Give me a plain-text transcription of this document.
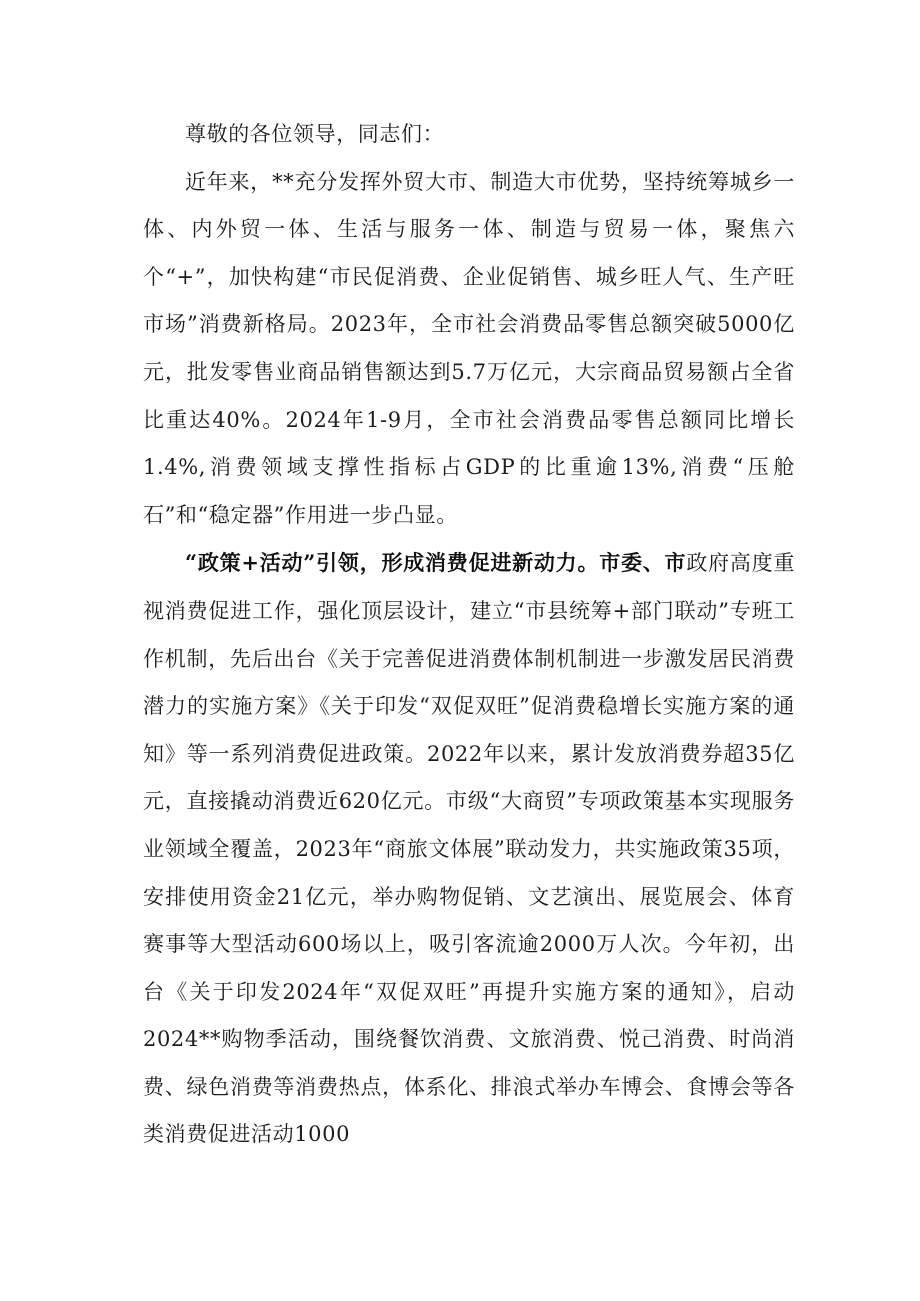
尊敬的各位领导，同志们：

近年来，**充分发挥外贸大市、制造大市优势，坚持统筹城乡一体、内外贸一体、生活与服务一体、制造与贸易一体，聚焦六个“+”，加快构建“市民促消费、企业促销售、城乡旺人气、生产旺市场”消费新格局。2023年，全市社会消费品零售总额突破5000亿元，批发零售业商品销售额达到5.7万亿元，大宗商品贸易额占全省比重达40%。2024年1-9月，全市社会消费品零售总额同比增长1.4%,消费领域支撑性指标占GDP的比重逾13%,消费“压舱石”和“稳定器”作用进一步凸显。

“政策+活动”引领，形成消费促进新动力。市委、市政府高度重视消费促进工作，强化顶层设计，建立“市县统筹+部门联动”专班工作机制，先后出台《关于完善促进消费体制机制进一步激发居民消费潜力的实施方案》《关于印发“双促双旺”促消费稳增长实施方案的通知》等一系列消费促进政策。2022年以来，累计发放消费券超35亿元，直接撬动消费近620亿元。市级“大商贸”专项政策基本实现服务业领域全覆盖，2023年“商旅文体展”联动发力，共实施政策35项，安排使用资金21亿元，举办购物促销、文艺演出、展览展会、体育赛事等大型活动600场以上，吸引客流逾2000万人次。今年初，出台《关于印发2024年“双促双旺”再提升实施方案的通知》，启动2024**购物季活动，围绕餐饮消费、文旅消费、悦己消费、时尚消费、绿色消费等消费热点，体系化、排浪式举办车博会、食博会等各类消费促进活动1000
